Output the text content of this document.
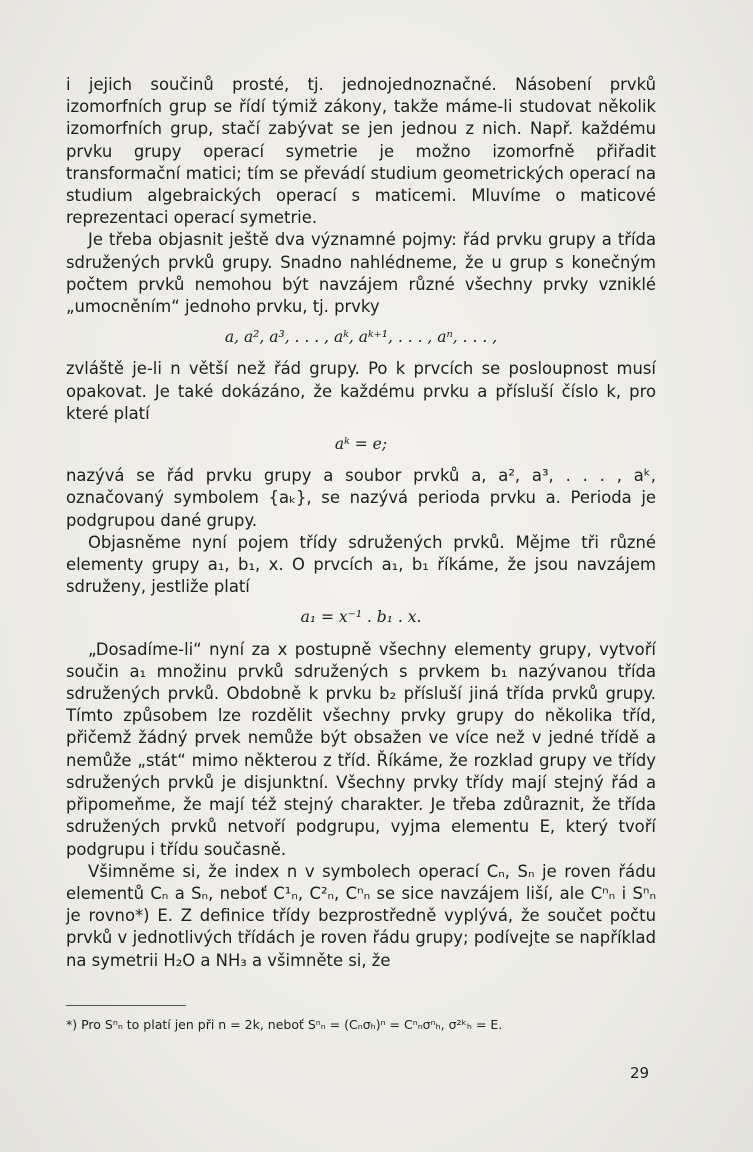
i jejich součinů prosté, tj. jednojednoznačné. Násobení prvků izomorfních grup se řídí týmiž zákony, takže máme-li studovat několik izomorfních grup, stačí zabývat se jen jednou z nich. Např. každému prvku grupy operací symetrie je možno izomorfně přiřadit transformační matici; tím se převádí studium geometrických operací na studium algebraických operací s maticemi. Mluvíme o maticové reprezentaci operací symetrie.

Je třeba objasnit ještě dva významné pojmy: řád prvku grupy a třída sdružených prvků grupy. Snadno nahlédneme, že u grup s konečným počtem prvků nemohou být navzájem různé všechny prvky vzniklé „umocněním“ jednoho prvku, tj. prvky

a, a², a³, . . . , aᵏ, aᵏ⁺¹, . . . , aⁿ, . . . ,

zvláště je-li n větší než řád grupy. Po k prvcích se posloupnost musí opakovat. Je také dokázáno, že každému prvku a přísluší číslo k, pro které platí

aᵏ = e;

nazývá se řád prvku grupy a soubor prvků a, a², a³, . . . , aᵏ, označovaný symbolem {aₖ}, se nazývá perioda prvku a. Perioda je podgrupou dané grupy.

Objasněme nyní pojem třídy sdružených prvků. Mějme tři různé elementy grupy a₁, b₁, x. O prvcích a₁, b₁ říkáme, že jsou navzájem sdruženy, jestliže platí

a₁ = x⁻¹ . b₁ . x.

„Dosadíme-li“ nyní za x postupně všechny elementy grupy, vytvoří součin a₁ množinu prvků sdružených s prvkem b₁ nazývanou třída sdružených prvků. Obdobně k prvku b₂ přísluší jiná třída prvků grupy. Tímto způsobem lze rozdělit všechny prvky grupy do několika tříd, přičemž žádný prvek nemůže být obsažen ve více než v jedné třídě a nemůže „stát“ mimo některou z tříd. Říkáme, že rozklad grupy ve třídy sdružených prvků je disjunktní. Všechny prvky třídy mají stejný řád a připomeňme, že mají též stejný charakter. Je třeba zdůraznit, že třída sdružených prvků netvoří podgrupu, vyjma elementu E, který tvoří podgrupu i třídu současně.

Všimněme si, že index n v symbolech operací Cₙ, Sₙ je roven řádu elementů Cₙ a Sₙ, neboť C¹ₙ, C²ₙ, Cⁿₙ se sice navzájem liší, ale Cⁿₙ i Sⁿₙ je rovno*) E. Z definice třídy bezprostředně vyplývá, že součet počtu prvků v jednotlivých třídách je roven řádu grupy; podívejte se například na symetrii H₂O a NH₃ a všimněte si, že

*) Pro Sⁿₙ to platí jen při n = 2k, neboť Sⁿₙ = (Cₙσₕ)ⁿ = Cⁿₙσⁿₕ, σ²ᵏₕ = E.

29
